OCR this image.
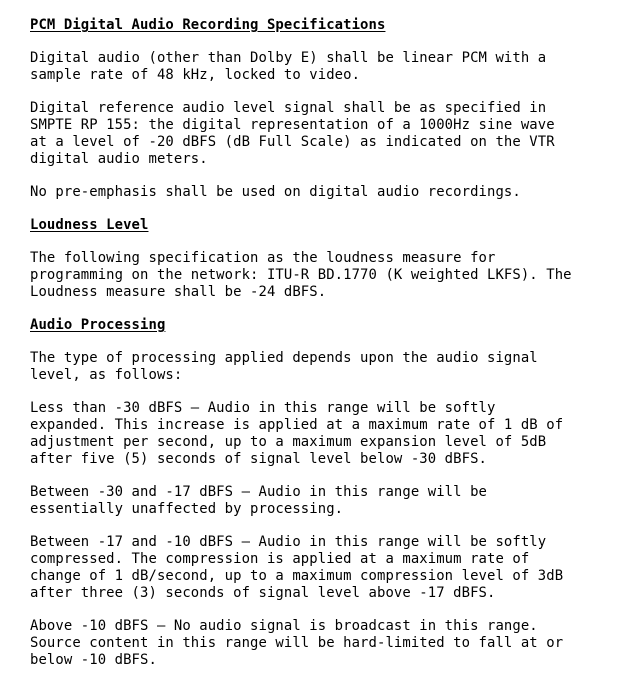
PCM Digital Audio Recording Specifications

Digital audio (other than Dolby E) shall be linear PCM with a
sample rate of 48 kHz, locked to video.

Digital reference audio level signal shall be as specified in
SMPTE RP 155: the digital representation of a 1000Hz sine wave
at a level of -20 dBFS (dB Full Scale) as indicated on the VTR
digital audio meters.

No pre-emphasis shall be used on digital audio recordings.

Loudness Level

The following specification as the loudness measure for
programming on the network: ITU-R BD.1770 (K weighted LKFS). The
Loudness measure shall be -24 dBFS.

Audio Processing

The type of processing applied depends upon the audio signal
level, as follows:

Less than -30 dBFS — Audio in this range will be softly
expanded. This increase is applied at a maximum rate of 1 dB of
adjustment per second, up to a maximum expansion level of 5dB
after five (5) seconds of signal level below -30 dBFS.

Between -30 and -17 dBFS — Audio in this range will be
essentially unaffected by processing.

Between -17 and -10 dBFS — Audio in this range will be softly
compressed. The compression is applied at a maximum rate of
change of 1 dB/second, up to a maximum compression level of 3dB
after three (3) seconds of signal level above -17 dBFS.

Above -10 dBFS — No audio signal is broadcast in this range.
Source content in this range will be hard-limited to fall at or
below -10 dBFS.
